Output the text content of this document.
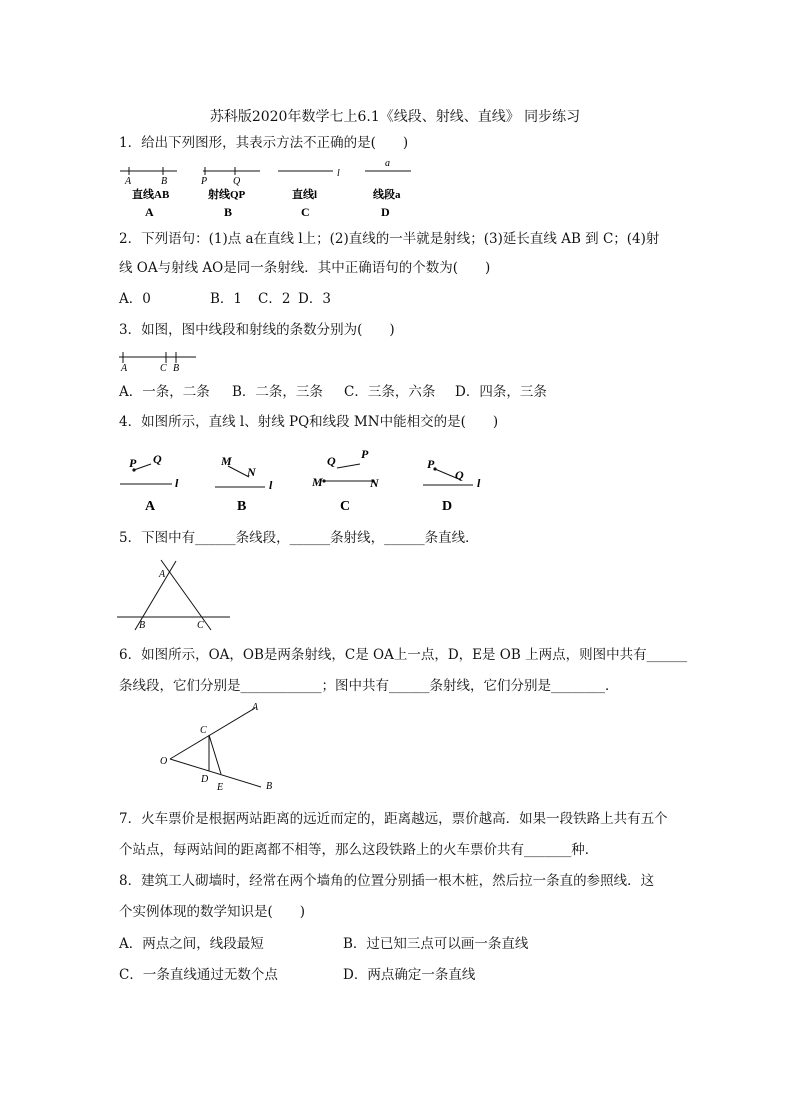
苏科版2020年数学七上6.1《线段、射线、直线》 同步练习
1．给出下列图形，其表示方法不正确的是(　　)
A	B
直线AB
A
P	Q
射线QP
B
l
直线l
C
a
线段a
D
2．下列语句：(1)点 a在直线 l上；(2)直线的一半就是射线；(3)延长直线 AB 到 C；(4)射
线 OA与射线 AO是同一条射线．其中正确语句的个数为(　　)
A．0	B．1 C．2 D．3
3．如图，图中线段和射线的条数分别为(　　)
A	C B
A．一条，二条 B．二条，三条 C．三条，六条 D．四条，三条
4．如图所示，直线 l、射线 PQ和线段 MN中能相交的是(　　)
P Q
l
A
M
N
l
B
Q P
M	N
C
P
Q
l
D
5．下图中有______条线段，______条射线，______条直线．
A
B	C
6．如图所示，OA，OB是两条射线，C是 OA上一点，D，E是 OB 上两点，则图中共有______
条线段，它们分别是____________；图中共有______条射线，它们分别是________．
A
C
O
D
E	B
7．火车票价是根据两站距离的远近而定的，距离越远，票价越高．如果一段铁路上共有五个
个站点，每两站间的距离都不相等，那么这段铁路上的火车票价共有_______种．
8．建筑工人砌墙时，经常在两个墙角的位置分别插一根木桩，然后拉一条直的参照线．这
个实例体现的数学知识是(　　)
A．两点之间，线段最短	B．过已知三点可以画一条直线
C．一条直线通过无数个点	D．两点确定一条直线
